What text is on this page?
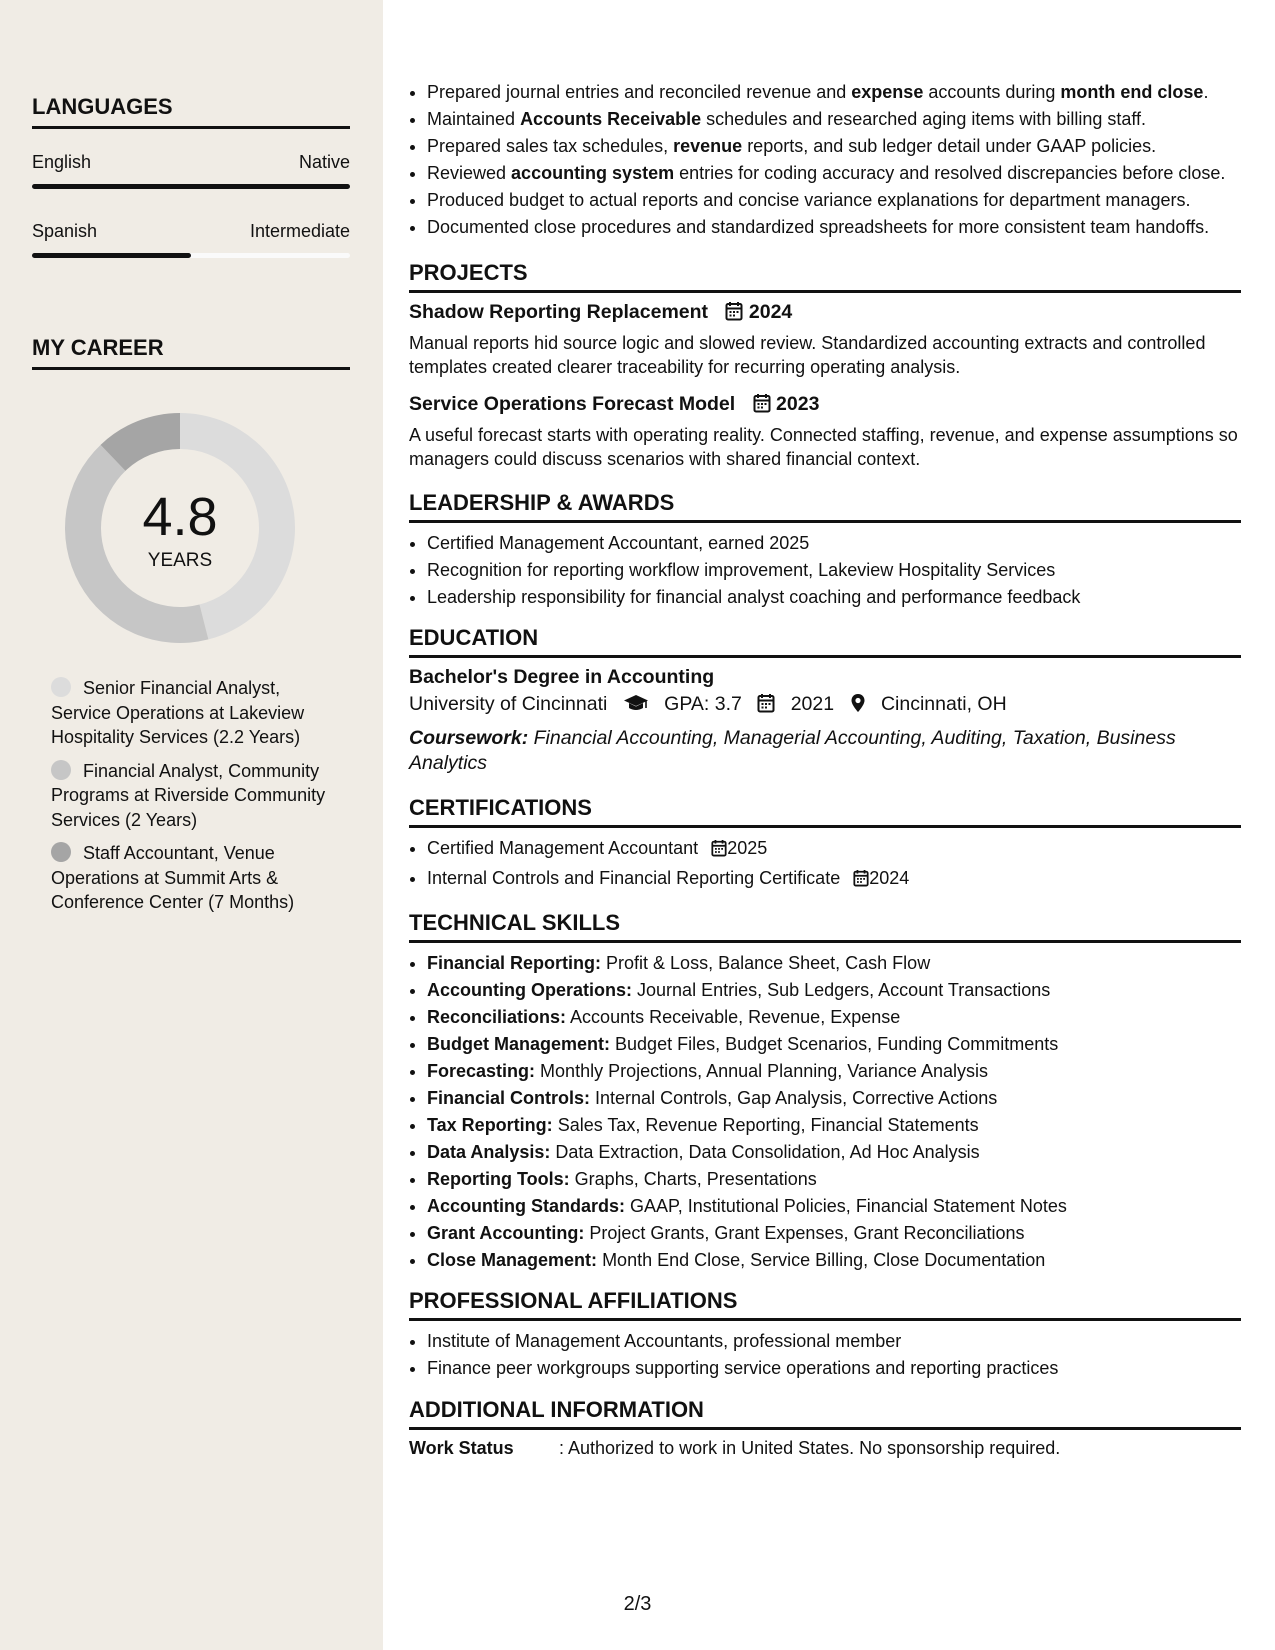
LANGUAGES
English	Native
Spanish	Intermediate
MY CAREER
4.8
YEARS
Senior Financial Analyst, Service Operations at Lakeview Hospitality Services (2.2 Years)
Financial Analyst, Community Programs at Riverside Community Services (2 Years)
Staff Accountant, Venue Operations at Summit Arts & Conference Center (7 Months)
• Prepared journal entries and reconciled revenue and expense accounts during month end close.
• Maintained Accounts Receivable schedules and researched aging items with billing staff.
• Prepared sales tax schedules, revenue reports, and sub ledger detail under GAAP policies.
• Reviewed accounting system entries for coding accuracy and resolved discrepancies before close.
• Produced budget to actual reports and concise variance explanations for department managers.
• Documented close procedures and standardized spreadsheets for more consistent team handoffs.
PROJECTS
Shadow Reporting Replacement 2024
Manual reports hid source logic and slowed review. Standardized accounting extracts and controlled templates created clearer traceability for recurring operating analysis.
Service Operations Forecast Model 2023
A useful forecast starts with operating reality. Connected staffing, revenue, and expense assumptions so managers could discuss scenarios with shared financial context.
LEADERSHIP & AWARDS
• Certified Management Accountant, earned 2025
• Recognition for reporting workflow improvement, Lakeview Hospitality Services
• Leadership responsibility for financial analyst coaching and performance feedback
EDUCATION
Bachelor's Degree in Accounting
University of Cincinnati	GPA: 3.7	2021 Cincinnati, OH
Coursework: Financial Accounting, Managerial Accounting, Auditing, Taxation, Business Analytics
CERTIFICATIONS
• Certified Management Accountant 2025
• Internal Controls and Financial Reporting Certificate 2024
TECHNICAL SKILLS
• Financial Reporting: Profit & Loss, Balance Sheet, Cash Flow
• Accounting Operations: Journal Entries, Sub Ledgers, Account Transactions
• Reconciliations: Accounts Receivable, Revenue, Expense
• Budget Management: Budget Files, Budget Scenarios, Funding Commitments
• Forecasting: Monthly Projections, Annual Planning, Variance Analysis
• Financial Controls: Internal Controls, Gap Analysis, Corrective Actions
• Tax Reporting: Sales Tax, Revenue Reporting, Financial Statements
• Data Analysis: Data Extraction, Data Consolidation, Ad Hoc Analysis
• Reporting Tools: Graphs, Charts, Presentations
• Accounting Standards: GAAP, Institutional Policies, Financial Statement Notes
• Grant Accounting: Project Grants, Grant Expenses, Grant Reconciliations
• Close Management: Month End Close, Service Billing, Close Documentation
PROFESSIONAL AFFILIATIONS
• Institute of Management Accountants, professional member
• Finance peer workgroups supporting service operations and reporting practices
ADDITIONAL INFORMATION
Work Status	: Authorized to work in United States. No sponsorship required.
2/3
